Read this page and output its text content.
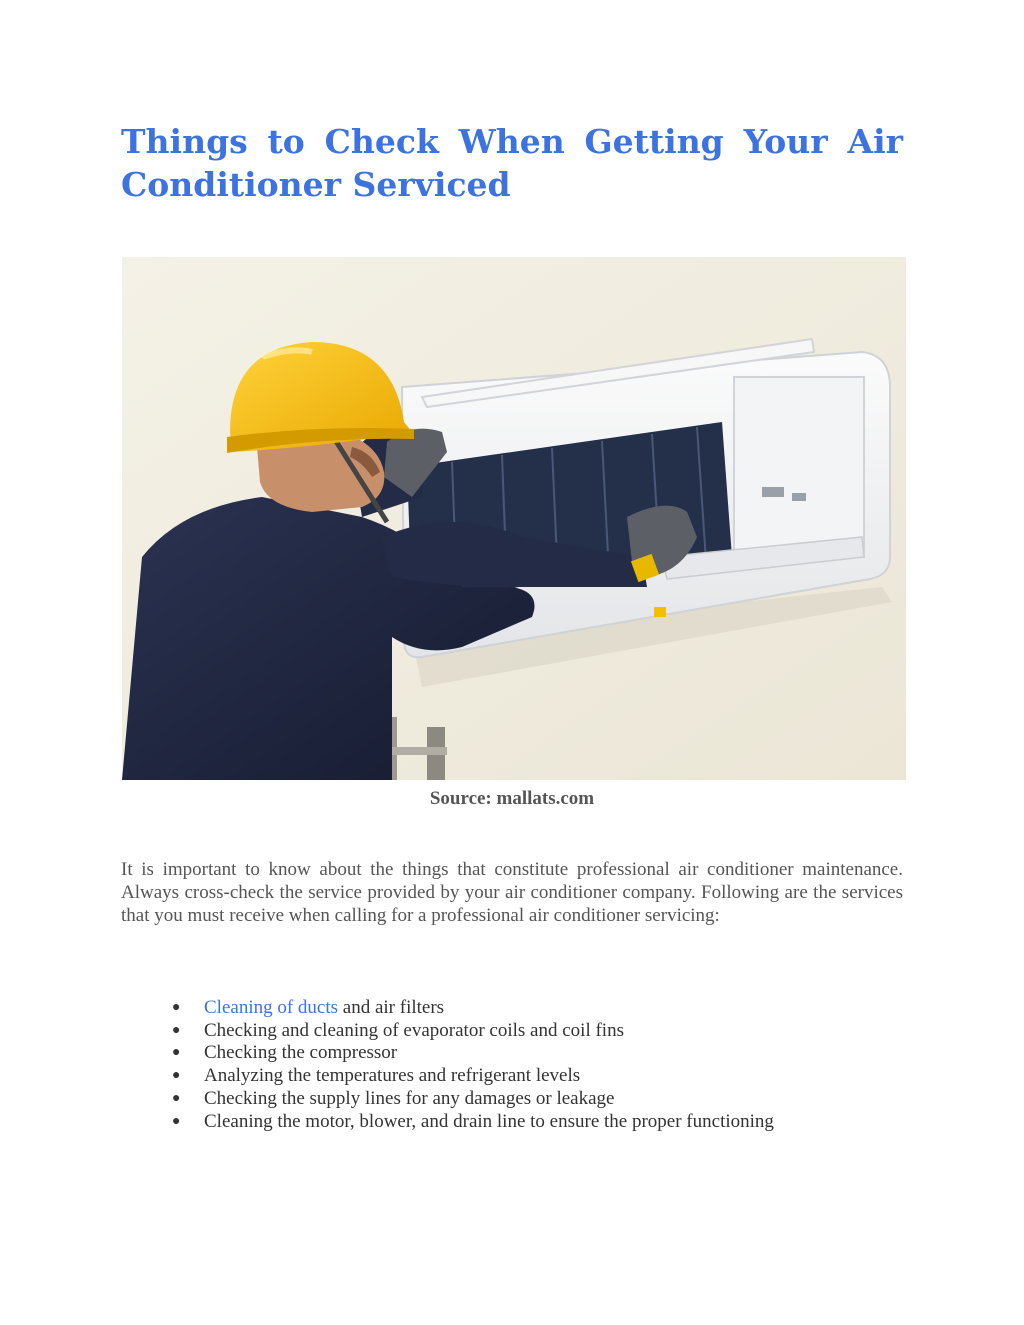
Things to Check When Getting Your Air Conditioner Serviced
Source: mallats.com

It is important to know about the things that constitute professional air conditioner maintenance. Always cross-check the service provided by your air conditioner company. Following are the services that you must receive when calling for a professional air conditioner servicing:

● Cleaning of ducts and air filters
● Checking and cleaning of evaporator coils and coil fins
● Checking the compressor
● Analyzing the temperatures and refrigerant levels
● Checking the supply lines for any damages or leakage
● Cleaning the motor, blower, and drain line to ensure the proper functioning
